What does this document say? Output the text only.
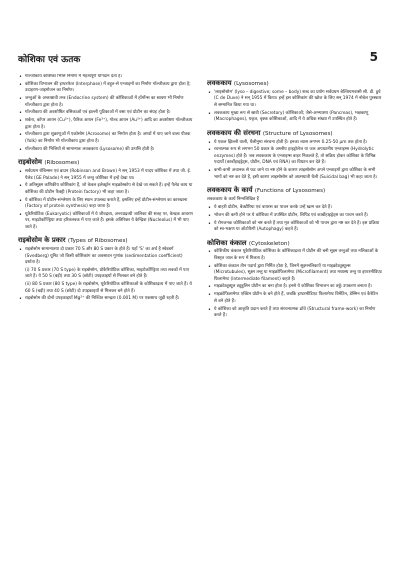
कोशिका एवं ऊतक	5
• गॉल्जीकाय कोशिका भित्ति निर्माण में महत्वपूर्ण योगदान देता है।
• कोशिका विभाजन की इण्टरफेज (Interphase) में बहुत-से एन्जाइमों का निर्माण गॉल्जीकाय द्वारा होता है; उदाहरण-जाइमोजन का निर्माण।
• जन्तुओं के अन्तःस्रावी तन्त्र (Endocrine system) की कोशिकाओं में हॉर्मोन्स का स्रावण भी निर्माण गॉल्जीकाय द्वारा होता है।
• गॉल्जीकाय की अवशोषित वसिकाओं एवं झल्ली पुटिकाओं में वसा एवं प्रोटीन का संग्रह होता है।
• शर्करा, कॉपर आयन (Cu²⁺), फैरिक आयन (Fe³⁺), गोल्ड आयन (Au³⁺) आदि का अवशोषण गॉल्जीकाय द्वारा होता है।
• गॉल्जीकाय द्वारा शुक्राणुओं में एक्रोसोम (Acrosome) का निर्माण होता है। अण्डों में पाए जाने वाला पीतक (Yolk) का निर्माण भी गॉल्जीकाय द्वारा होता है।
• गॉल्जीकाय की भित्तियों से सामान्यतः लवककाय (Lysosome) की उत्पत्ति होती है।
राइबोसोम (Ribosomes)
• सर्वप्रथम रॉबिन्सन एवं ब्राउन (Robinson and Brown) ने सन् 1953 में पादप कोशिका में तथा जी. ई. पैलेड (GE Palade) ने सन् 1955 में जन्तु कोशिका में इन्हें देखा था।
• ये अतिसूक्ष्म कणिकीय कोशिकांग हैं, जो केवल इलेक्ट्रॉन माइक्रोस्कोप से देखे जा सकते हैं। इन्हें पैलेड काय या कोशिका की प्रोटीन फैक्ट्री (Protein factory) भी कहा जाता है।
• ये कोशिका में प्रोटीन-संश्लेषण के लिए स्थान उपलब्ध कराते हैं, इसलिए इन्हें प्रोटीन-संश्लेषण का कारखाना (Factory of protein synthesis) कहा जाता है।
• यूकैरियोटिक (Eukaryotic) कोशिकाओं में ये जीवद्रव्य, अन्तःप्रद्रव्यी जालिका की सतह पर, केन्द्रक आवरण पर, माइटोकॉण्ड्रिया तथा हरितलवक में पाए जाते हैं। इसके अतिरिक्त ये केन्द्रिक (Nucleolus) में भी पाए जाते हैं।
राइबोसोम के प्रकार (Types of Ribosomes)
• राइबोसोम सामान्यतया दो प्रकार 70 S और 80 S प्रकार के होते हैं। यहाँ 'S' का अर्थ है स्वेडबर्ग (Svedberg) यूनिट जो किसी कोशिकांग का अवसादन गुणांक (sedimentation coefficient) दर्शाता है।

(i) 70 S प्रकार (70 S type) के राइबोसोम, प्रोकैरियोटिक कोशिका, माइटोकॉण्ड्रिया तथा लवकों में पाए जाते हैं। ये 50 S (बड़ी) तथा 30 S (छोटी) उपइकाइयों से मिलकर बने होते हैं।

(ii) 80 S प्रकार (80 S type) के राइबोसोम, यूकैरियोटिक कोशिकाओं के कोशिकाद्रव्य में पाए जाते हैं। ये 60 S (बड़ी) तथा 40 S (छोटी) दो उपइकाइयों से मिलकर बने होते हैं।

• राइबोसोम की दोनों उपइकाइयाँ Mg²⁺ की निश्चित सान्द्रता (0.001 M) पर एकसाथ जुड़ी रहती हैं।
लवककाय (Lysosomes)
• 'लाइसोसोम' (lyso – digestive; some – body) शब्द का प्रयोग सर्वप्रथम बेल्जियमवासी सी. डी. डुवे (C de Duve) ने सन् 1955 में किया। इन्हें इस कोशिकांग की खोज के लिए सन् 1974 में नोबेल पुरस्कार से सम्मानित किया गया था।
• लवककाय मुख्य रूप से स्रावी (Secretory) कोशिकाओं; जैसे-अग्न्याशय (Pancreas), भक्षकाणु (Macrophages), यकृत, वृक्क कोशिकाओं, आदि में ये अधिक संख्या में उपस्थित होते हैं।
लवककाय की संरचना (Structure of Lysosomes)
• ये एकल झिल्ली वाली, थैलीनुमा संरचना होती हैं। इनका व्यास लगभग 0.25-50 µm तक होता है।
• रचनात्मक रूप से लगभग 50 प्रकार के अम्लीय हाइड्रोलेज या जल अपघटनीय एन्जाइम्स (Hydrolytic enzymes) होते हैं। जब लवककाय के एन्जाइम्स बाहर निकलते हैं, तो सक्रिय होकर कोशिका के विभिन्न पदार्थों (कार्बोहाइड्रेट्स, प्रोटीन, DNA एवं RNA) का विघटन कर देते हैं।
• कभी-कभी अचानक से फट जाने या नष्ट होने के कारण लाइसोसोम अपने एन्जाइमों द्वारा कोशिका के सभी भागों को नष्ट कर देते हैं, इसी कारण लाइसोसोम को आत्मघाती थैली (Suicidal bag) भी कहा जाता है।
लवककाय के कार्य (Functions of Lysosomes)

लवककाय के कार्य निम्नलिखित हैं

• ये बाहरी प्रोटीन, बैक्टीरिया एवं वायरस का पाचन करके उन्हें खत्म कर देते हैं।
• भोजन की कमी होने पर ये कोशिका में उपस्थित प्रोटीन, लिपिड एवं कार्बोहाइड्रेट्स का पाचन करते हैं।
• ये रोगजनक कोशिकाओं को नष्ट करते हैं तथा मृत कोशिकाओं को भी पाचन द्वारा नष्ट कर देते हैं। इस प्रक्रिया को स्व-भक्षण या ऑटोफैगी (Autophagy) कहते हैं।
कोशिका कंकाल (Cytoskeleton)
• कोशिकीय कंकाल यूकैरियोटिक कोशिका के कोशिकाद्रव्य में प्रोटीन की बनी सूक्ष्म तन्तुओं तथा नलिकाओं के विस्तृत जाल के रूप में मिलता है।
• कोशिका कंकाल तीन पदार्थ द्वारा निर्मित होता है, जिनमें सूक्ष्मनलिकाएँ या माइक्रोट्यूब्यूल्स (Microtubules), सूक्ष्म तन्तु या माइक्रोफिलामेण्ट (Microfilament) तथा मध्यस्थ तन्तु या इण्टरमीडिएट फिलामेण्ट (Intermediate filament) कहते हैं।
• माइक्रोट्यूब्यूल ट्यूबुलिन प्रोटीन का बना होता है। इनसे ये कोशिका विभाजन का तर्कु उपकरण बनाता है।
• माइक्रोफिलामेण्ट एक्टिन प्रोटीन के बने होते हैं, जबकि इण्टरमीडिएट फिलामेण्ट विमेंटिन, डेस्मिन एवं कैरेटिन से बने होते हैं।
• ये कोशिका को आकृति प्रदान करते हैं तथा संरचनात्मक ढाँचे (Structural frame-work) का निर्माण करते हैं।
